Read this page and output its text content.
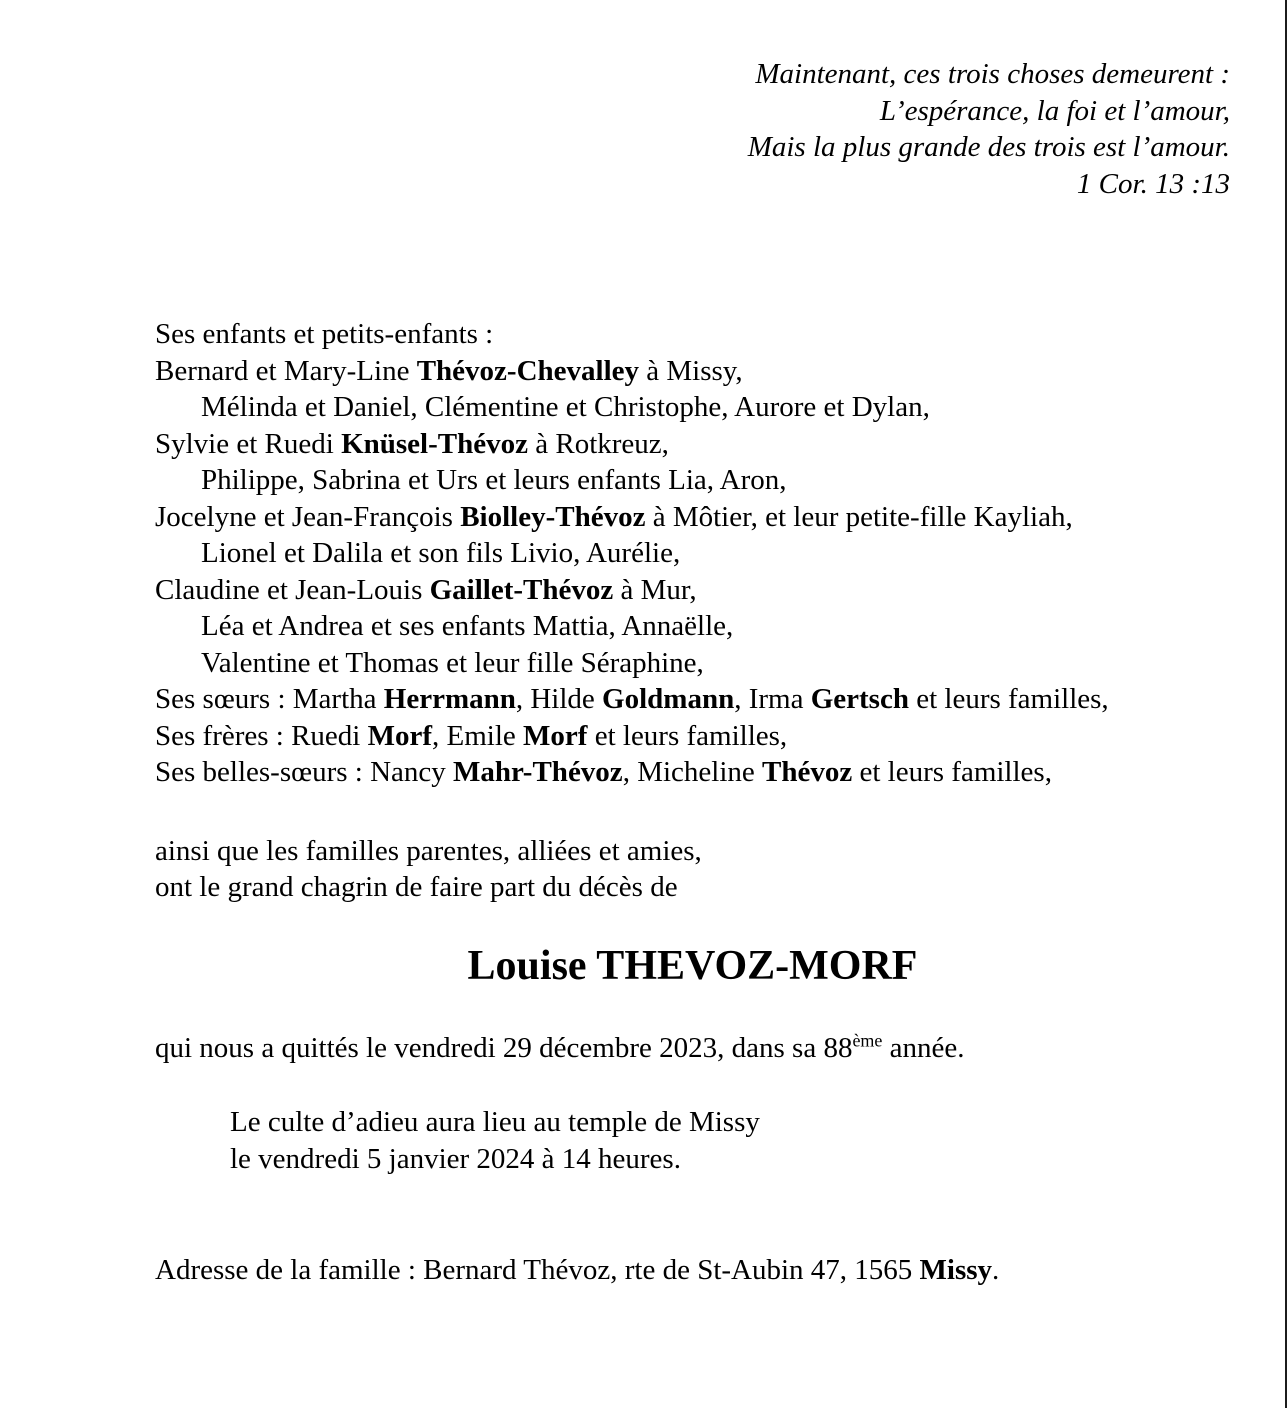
Maintenant, ces trois choses demeurent :
L’espérance, la foi et l’amour,
Mais la plus grande des trois est l’amour.
1 Cor. 13 :13
Ses enfants et petits-enfants :
Bernard et Mary-Line Thévoz-Chevalley à Missy,
Mélinda et Daniel, Clémentine et Christophe, Aurore et Dylan,
Sylvie et Ruedi Knüsel-Thévoz à Rotkreuz,
Philippe, Sabrina et Urs et leurs enfants Lia, Aron,
Jocelyne et Jean-François Biolley-Thévoz à Môtier, et leur petite-fille Kayliah,
Lionel et Dalila et son fils Livio, Aurélie,
Claudine et Jean-Louis Gaillet-Thévoz à Mur,
Léa et Andrea et ses enfants Mattia, Annaëlle,
Valentine et Thomas et leur fille Séraphine,
Ses sœurs : Martha Herrmann, Hilde Goldmann, Irma Gertsch et leurs familles,
Ses frères : Ruedi Morf, Emile Morf et leurs familles,
Ses belles-sœurs : Nancy Mahr-Thévoz, Micheline Thévoz et leurs familles,
ainsi que les familles parentes, alliées et amies,
ont le grand chagrin de faire part du décès de
Louise THEVOZ-MORF
qui nous a quittés le vendredi 29 décembre 2023, dans sa 88ème année.
Le culte d’adieu aura lieu au temple de Missy
le vendredi 5 janvier 2024 à 14 heures.
Adresse de la famille : Bernard Thévoz, rte de St-Aubin 47, 1565 Missy.
